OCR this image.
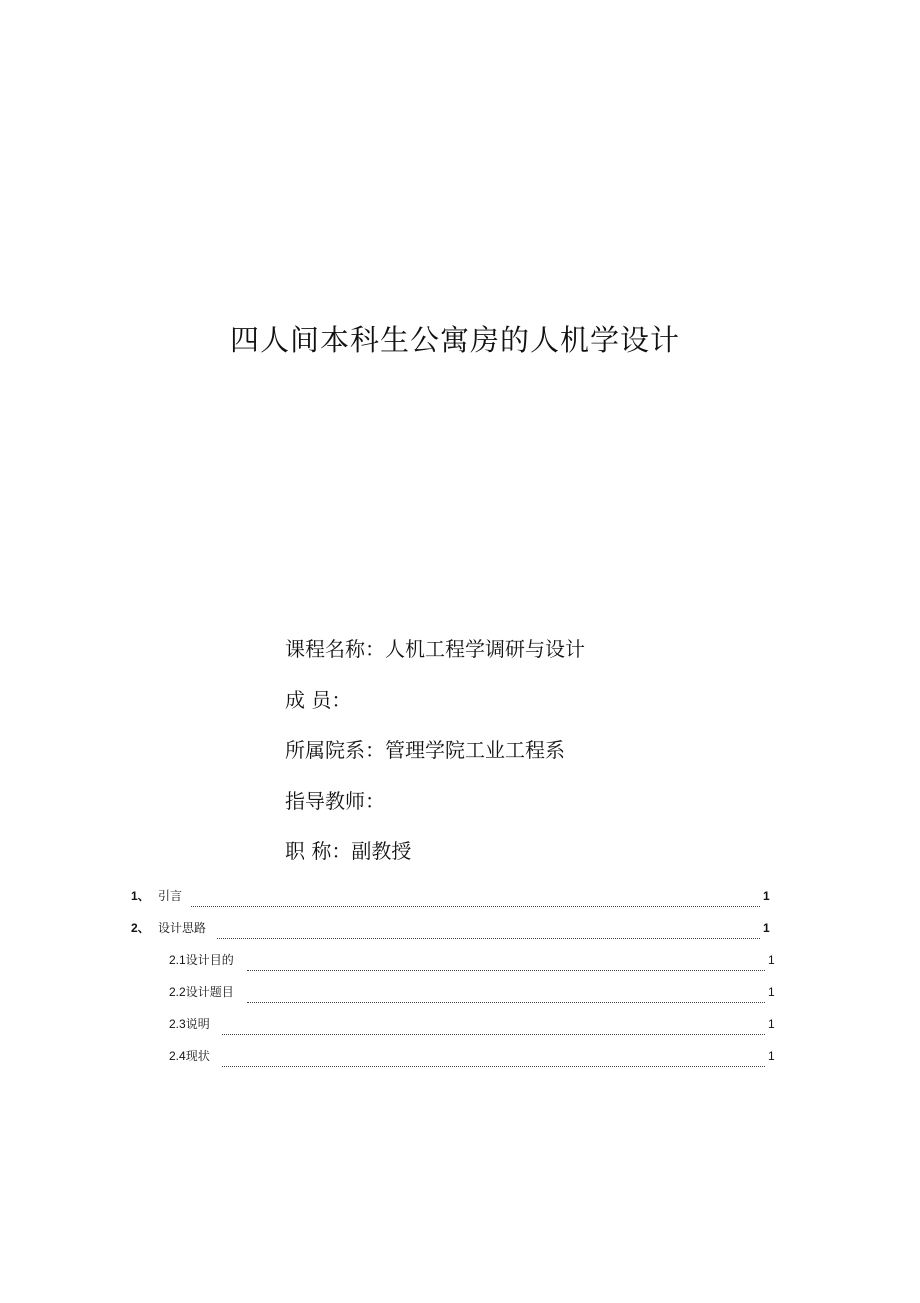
四人间本科生公寓房的人机学设计
课程名称：人机工程学调研与设计
成 员：
所属院系：管理学院工业工程系
指导教师：
职 称：副教授
1、 引言	1
2、 设计思路	1
2.1设计目的	1
2.2设计题目	1
2.3说明	1
2.4现状	1
